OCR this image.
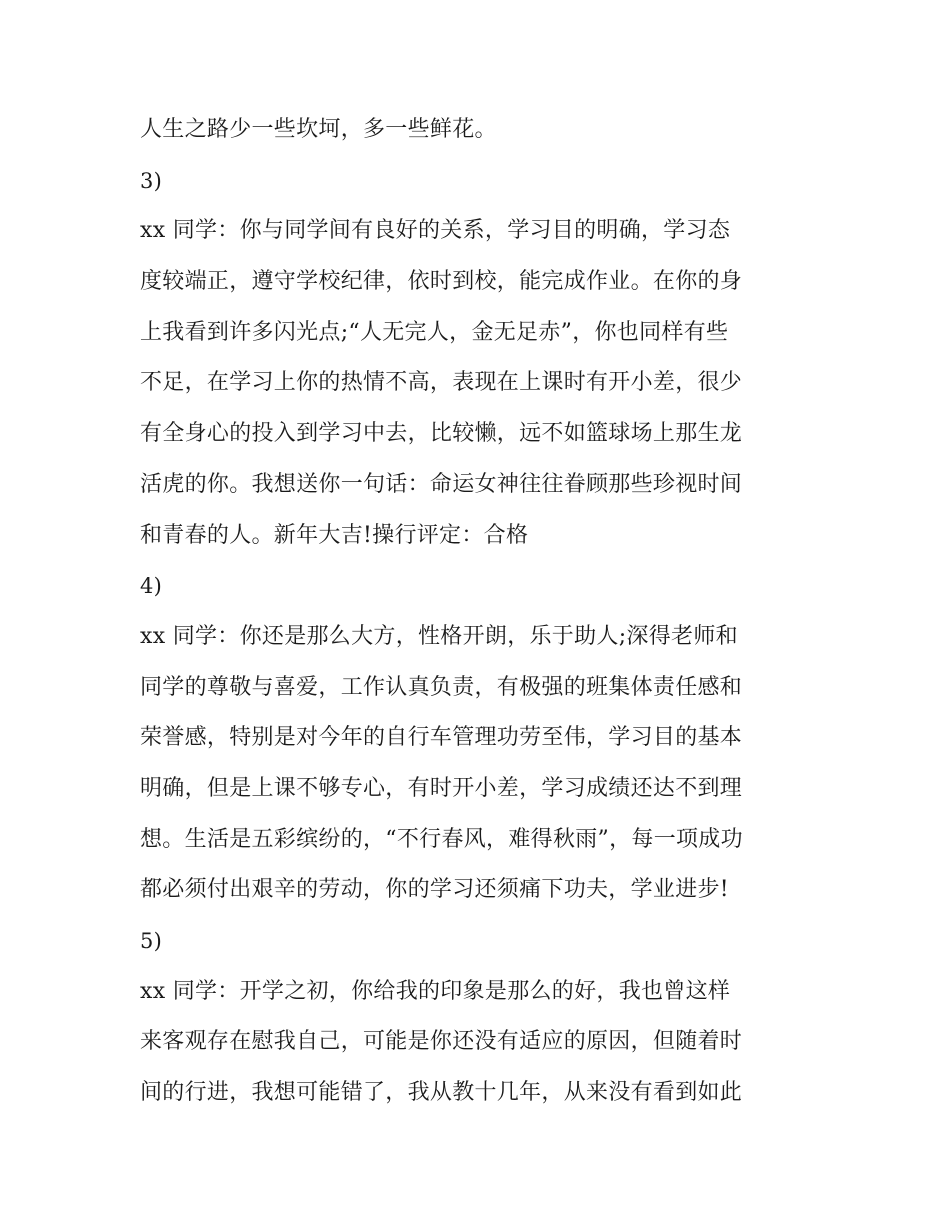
人生之路少一些坎坷，多一些鲜花。
3)
xx 同学：你与同学间有良好的关系，学习目的明确，学习态
度较端正，遵守学校纪律，依时到校，能完成作业。在你的身
上我看到许多闪光点;“人无完人，金无足赤”，你也同样有些
不足，在学习上你的热情不高，表现在上课时有开小差，很少
有全身心的投入到学习中去，比较懒，远不如篮球场上那生龙
活虎的你。我想送你一句话：命运女神往往眷顾那些珍视时间
和青春的人。新年大吉!操行评定：合格
4)
xx 同学：你还是那么大方，性格开朗，乐于助人;深得老师和
同学的尊敬与喜爱，工作认真负责，有极强的班集体责任感和
荣誉感，特别是对今年的自行车管理功劳至伟，学习目的基本
明确，但是上课不够专心，有时开小差，学习成绩还达不到理
想。生活是五彩缤纷的，“不行春风，难得秋雨”，每一项成功
都必须付出艰辛的劳动，你的学习还须痛下功夫，学业进步!
5)
xx 同学：开学之初，你给我的印象是那么的好，我也曾这样
来客观存在慰我自己，可能是你还没有适应的原因，但随着时
间的行进，我想可能错了，我从教十几年，从来没有看到如此
